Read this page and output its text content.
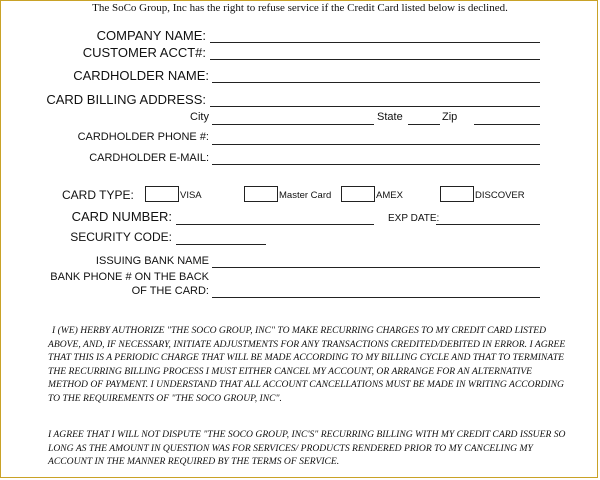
The SoCo Group, Inc has the right to refuse service if the Credit Card listed below is declined.
COMPANY NAME:
CUSTOMER ACCT#:
CARDHOLDER NAME:
CARD BILLING ADDRESS:
City	State	Zip
CARDHOLDER PHONE #:
CARDHOLDER E-MAIL:
CARD TYPE:	VISA	Master Card	AMEX	DISCOVER
CARD NUMBER:	EXP DATE:
SECURITY CODE:
ISSUING BANK NAME
BANK PHONE # ON THE BACK
OF THE CARD:

I (WE) HERBY AUTHORIZE "THE SOCO GROUP, INC" TO MAKE RECURRING CHARGES TO MY CREDIT CARD LISTED ABOVE, AND, IF NECESSARY, INITIATE ADJUSTMENTS FOR ANY TRANSACTIONS CREDITED/DEBITED IN ERROR. I AGREE THAT THIS IS A PERIODIC CHARGE THAT WILL BE MADE ACCORDING TO MY BILLING CYCLE AND THAT TO TERMINATE THE RECURRING BILLING PROCESS I MUST EITHER CANCEL MY ACCOUNT, OR ARRANGE FOR AN ALTERNATIVE METHOD OF PAYMENT. I UNDERSTAND THAT ALL ACCOUNT CANCELLATIONS MUST BE MADE IN WRITING ACCORDING TO THE REQUIREMENTS OF "THE SOCO GROUP, INC".

I AGREE THAT I WILL NOT DISPUTE "THE SOCO GROUP, INC'S" RECURRING BILLING WITH MY CREDIT CARD ISSUER SO LONG AS THE AMOUNT IN QUESTION WAS FOR SERVICES/ PRODUCTS RENDERED PRIOR TO MY CANCELING MY ACCOUNT IN THE MANNER REQUIRED BY THE TERMS OF SERVICE.
